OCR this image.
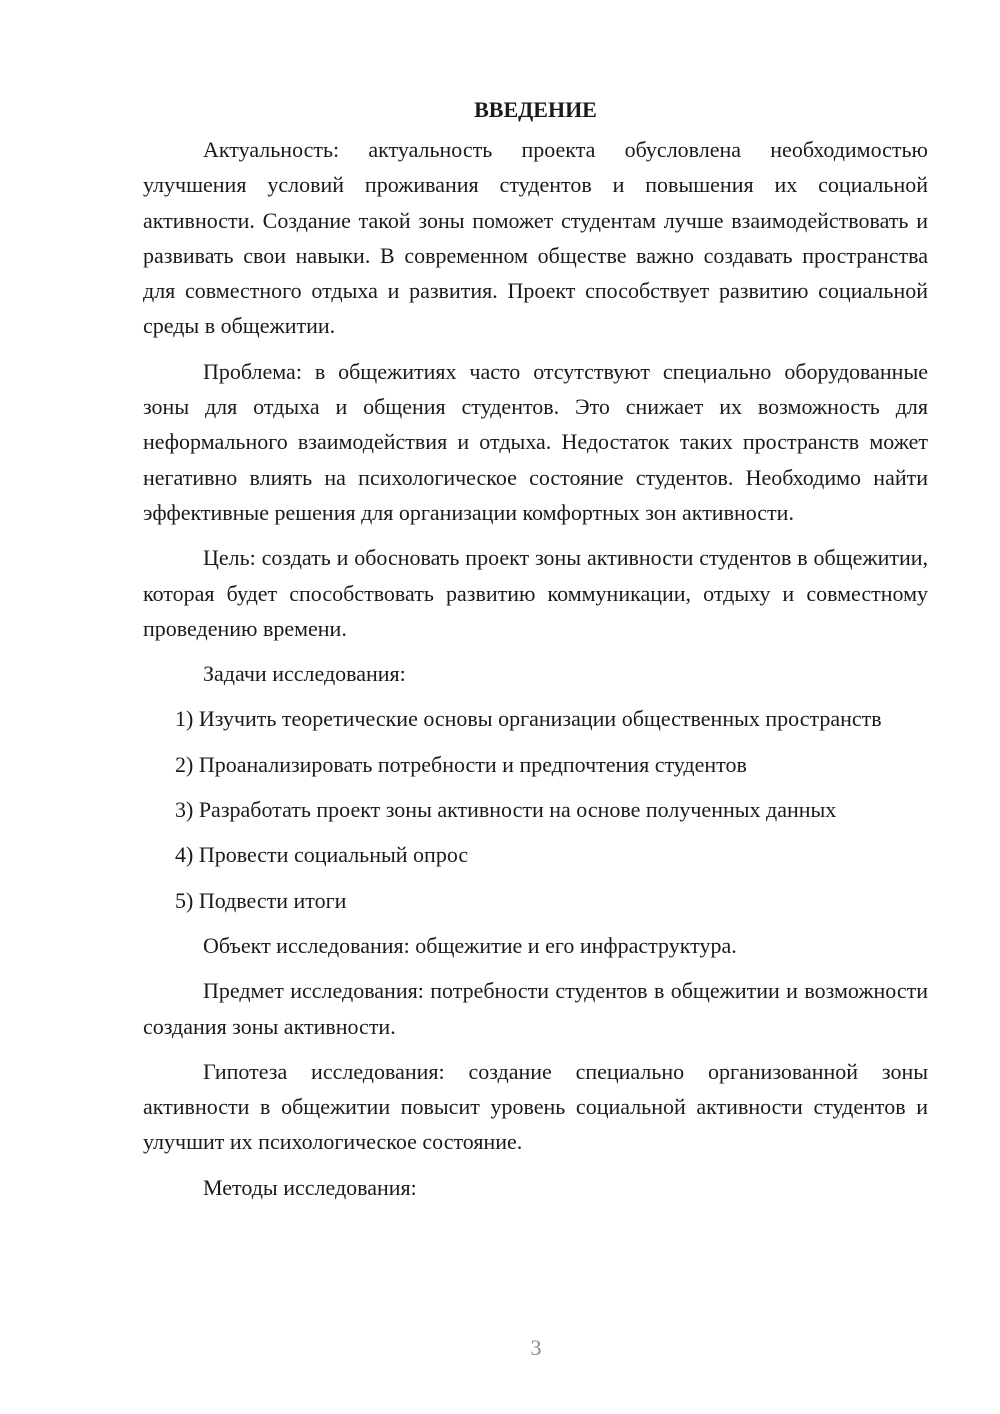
ВВЕДЕНИЕ

Актуальность: актуальность проекта обусловлена необходимостью улучшения условий проживания студентов и повышения их социальной активности. Создание такой зоны поможет студентам лучше взаимодействовать и развивать свои навыки. В современном обществе важно создавать пространства для совместного отдыха и развития. Проект способствует развитию социальной среды в общежитии.

Проблема: в общежитиях часто отсутствуют специально оборудованные зоны для отдыха и общения студентов. Это снижает их возможность для неформального взаимодействия и отдыха. Недостаток таких пространств может негативно влиять на психологическое состояние студентов. Необходимо найти эффективные решения для организации комфортных зон активности.

Цель: создать и обосновать проект зоны активности студентов в общежитии, которая будет способствовать развитию коммуникации, отдыху и совместному проведению времени.

Задачи исследования:

1) Изучить теоретические основы организации общественных пространств

2) Проанализировать потребности и предпочтения студентов

3) Разработать проект зоны активности на основе полученных данных

4) Провести социальный опрос

5) Подвести итоги

Объект исследования: общежитие и его инфраструктура.

Предмет исследования: потребности студентов в общежитии и возможности создания зоны активности.

Гипотеза исследования: создание специально организованной зоны активности в общежитии повысит уровень социальной активности студентов и улучшит их психологическое состояние.

Методы исследования:

3
